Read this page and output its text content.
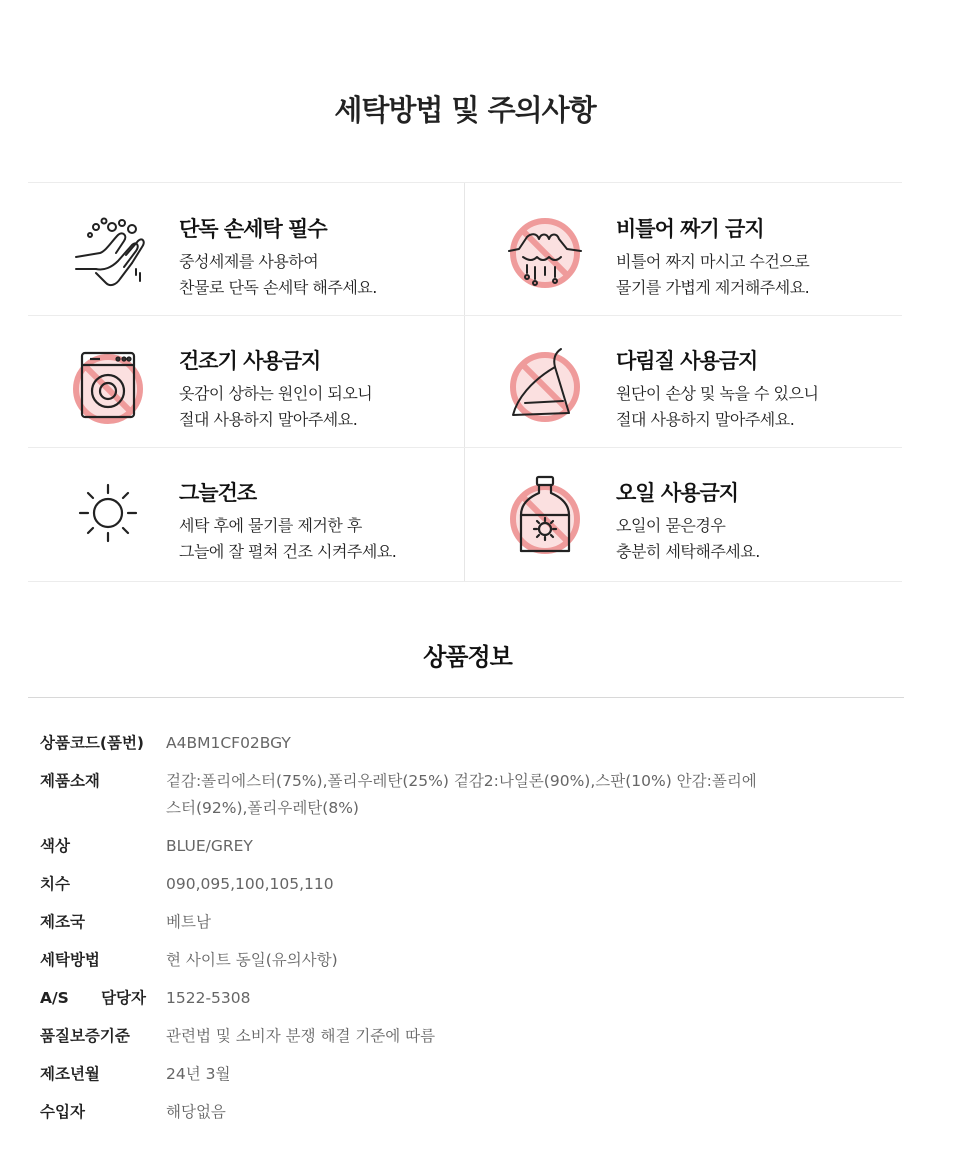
세탁방법 및 주의사항
단독 손세탁 필수
중성세제를 사용하여
찬물로 단독 손세탁 해주세요.
비틀어 짜기 금지
비틀어 짜지 마시고 수건으로
물기를 가볍게 제거해주세요.
건조기 사용금지
옷감이 상하는 원인이 되오니
절대 사용하지 말아주세요.
다림질 사용금지
원단이 손상 및 녹을 수 있으니
절대 사용하지 말아주세요.
그늘건조
세탁 후에 물기를 제거한 후
그늘에 잘 펼쳐 건조 시켜주세요.
오일 사용금지
오일이 묻은경우
충분히 세탁해주세요.
상품정보
상품코드(품번) A4BM1CF02BGY
제품소재	겉감:폴리에스터(75%),폴리우레탄(25%) 겉감2:나일론(90%),스판(10%) 안감:폴리에스터(92%),폴리우레탄(8%)
색상	BLUE/GREY
치수	090,095,100,105,110
제조국	베트남
세탁방법	현 사이트 동일(유의사항)
A/S 담당자 1522-5308
품질보증기준	관련법 및 소비자 분쟁 해결 기준에 따름
제조년월	24년 3월
수입자	해당없음
